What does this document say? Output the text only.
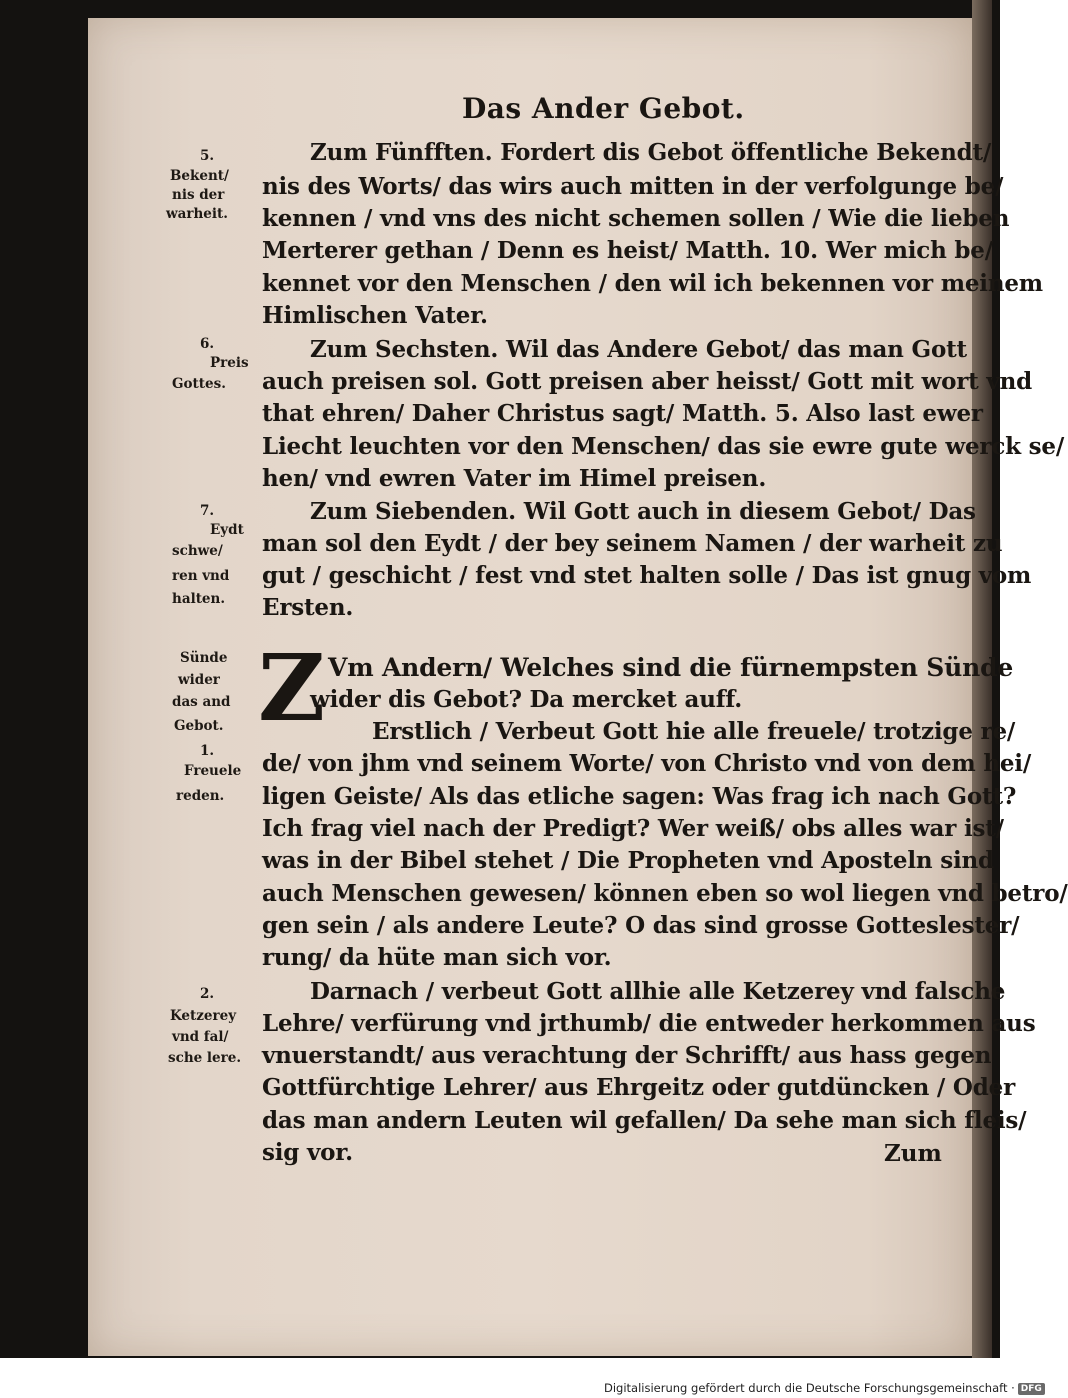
Das Ander Gebot.
5.
Bekent/
nis der
warheit.
6.
Preis
Gottes.
7.
Eydt
schwe/
ren vnd
halten.
Sünde
wider
das and
Gebot.
1.
Freuele
reden.
2.
Ketzerey
vnd fal/
sche lere.
Zum Fünfften. Fordert dis Gebot öffentliche Bekendt/
nis des Worts/ das wirs auch mitten in der verfolgunge be/
kennen / vnd vns des nicht schemen sollen / Wie die lieben
Merterer gethan / Denn es heist/ Matth. 10. Wer mich be/
kennet vor den Menschen / den wil ich bekennen vor meinem
Himlischen Vater.
Zum Sechsten. Wil das Andere Gebot/ das man Gott
auch preisen sol. Gott preisen aber heisst/ Gott mit wort vnd
that ehren/ Daher Christus sagt/ Matth. 5. Also last ewer
Liecht leuchten vor den Menschen/ das sie ewre gute werck se/
hen/ vnd ewren Vater im Himel preisen.
Zum Siebenden. Wil Gott auch in diesem Gebot/ Das
man sol den Eydt / der bey seinem Namen / der warheit zu
gut / geschicht / fest vnd stet halten solle / Das ist gnug vom
Ersten.
Z Vm Andern/ Welches sind die fürnempsten Sünde
wider dis Gebot? Da mercket auff.
Erstlich / Verbeut Gott hie alle freuele/ trotzige re/
de/ von jhm vnd seinem Worte/ von Christo vnd von dem hei/
ligen Geiste/ Als das etliche sagen: Was frag ich nach Gott?
Ich frag viel nach der Predigt? Wer weiß/ obs alles war ist/
was in der Bibel stehet / Die Propheten vnd Aposteln sind
auch Menschen gewesen/ können eben so wol liegen vnd betro/
gen sein / als andere Leute? O das sind grosse Gotteslester/
rung/ da hüte man sich vor.
Darnach / verbeut Gott allhie alle Ketzerey vnd falsche
Lehre/ verfürung vnd jrthumb/ die entweder herkommen aus
vnuerstandt/ aus verachtung der Schrifft/ aus hass gegen
Gottfürchtige Lehrer/ aus Ehrgeitz oder gutdüncken / Oder
das man andern Leuten wil gefallen/ Da sehe man sich fleis/
sig vor.	Zum
Digitalisierung gefördert durch die Deutsche Forschungsgemeinschaft · DFG
